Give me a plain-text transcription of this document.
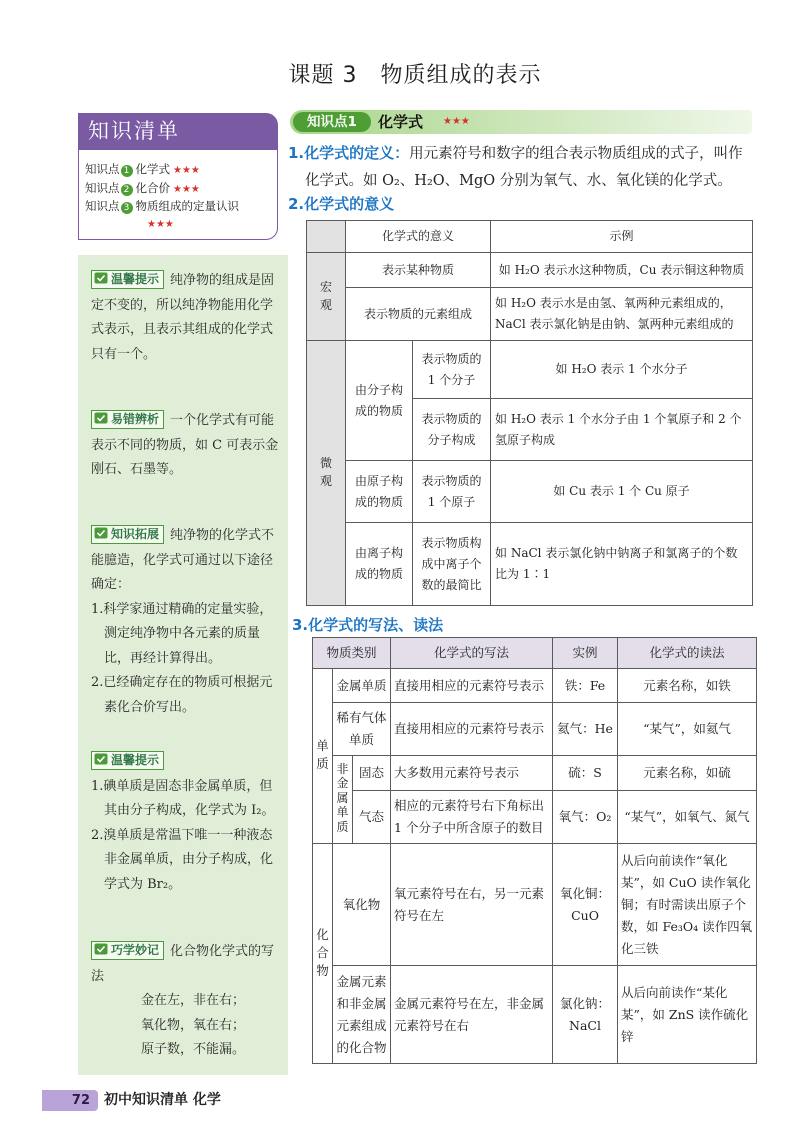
课题 3　物质组成的表示
知识清单
知识点 1 化学式 ★★★
知识点 2 化合价 ★★★
知识点 3 物质组成的定量认识
★★★
温馨提示 纯净物的组成是固定不变的，所以纯净物能用化学式表示，且表示其组成的化学式只有一个。
易错辨析 一个化学式有可能表示不同的物质，如 C 可表示金刚石、石墨等。
知识拓展 纯净物的化学式不能臆造，化学式可通过以下途径确定：
1.科学家通过精确的定量实验，测定纯净物中各元素的质量比，再经计算得出。
2.已经确定存在的物质可根据元素化合价写出。
温馨提示
1.碘单质是固态非金属单质，但其由分子构成，化学式为 I₂。
2.溴单质是常温下唯一一种液态非金属单质，由分子构成，化学式为 Br₂。
巧学妙记 化合物化学式的写法
金在左，非在右；
氧化物，氧在右；
原子数，不能漏。
知识点1	化学式 ★★★

1.化学式的定义：用元素符号和数字的组合表示物质组成的式子，叫作化学式。如 O₂、H₂O、MgO 分别为氧气、水、氧化镁的化学式。

2.化学式的意义
	化学式的意义		示例
宏观	表示某种物质		如 H₂O 表示水这种物质，Cu 表示铜这种物质
	表示物质的元素组成		如 H₂O 表示水是由氢、氧两种元素组成的，NaCl 表示氯化钠是由钠、氯两种元素组成的
微观	由分子构成的物质	表示物质的 1 个分子	如 H₂O 表示 1 个水分子
		表示物质的分子构成	如 H₂O 表示 1 个水分子由 1 个氧原子和 2 个氢原子构成
	由原子构成的物质	表示物质的 1 个原子	如 Cu 表示 1 个 Cu 原子
	由离子构成的物质	表示物质构成中离子个数的最简比	如 NaCl 表示氯化钠中钠离子和氯离子的个数比为 1∶1
3.化学式的写法、读法
物质类别			化学式的写法	实例	化学式的读法
单质	金属单质		直接用相应的元素符号表示	铁：Fe	元素名称，如铁
	稀有气体单质		直接用相应的元素符号表示	氦气：He	“某气”，如氦气
	非金属单质	固态	大多数用元素符号表示	硫：S	元素名称，如硫
		气态	相应的元素符号右下角标出 1 个分子中所含原子的数目	氧气：O₂	“某气”，如氧气、氮气
化合物	氧化物		氧元素符号在右，另一元素符号在左	氧化铜：CuO	从后向前读作“氧化某”，如 CuO 读作氧化铜；有时需读出原子个数，如 Fe₃O₄ 读作四氧化三铁
	金属元素和非金属元素组成的化合物		金属元素符号在左，非金属元素符号在右	氯化钠：NaCl	从后向前读作“某化某”，如 ZnS 读作硫化锌
72	初中知识清单 化学
